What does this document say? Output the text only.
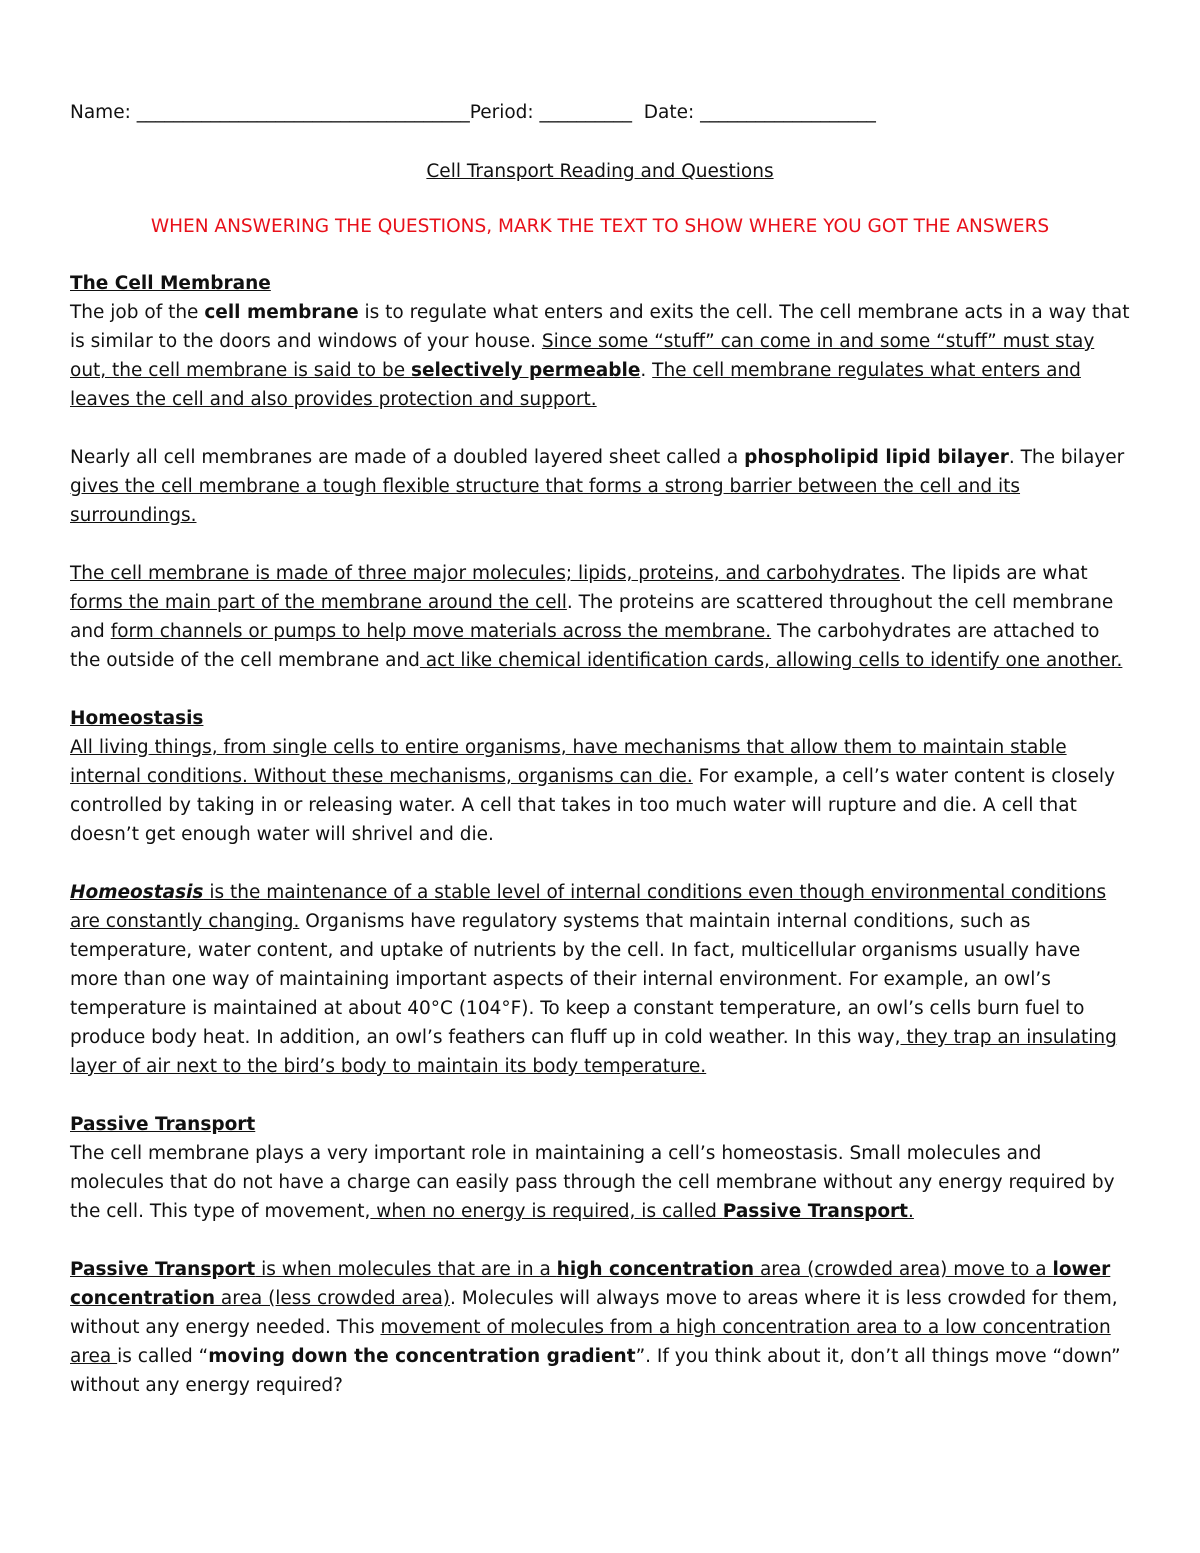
Name: ____________________________________Period: __________  Date: ___________________
Cell Transport Reading and Questions
WHEN ANSWERING THE QUESTIONS, MARK THE TEXT TO SHOW WHERE YOU GOT THE ANSWERS
The Cell Membrane

The job of the cell membrane is to regulate what enters and exits the cell. The cell membrane acts in a way that is similar to the doors and windows of your house. Since some “stuff” can come in and some “stuff” must stay out, the cell membrane is said to be selectively permeable. The cell membrane regulates what enters and leaves the cell and also provides protection and support.

Nearly all cell membranes are made of a doubled layered sheet called a phospholipid lipid bilayer. The bilayer gives the cell membrane a tough flexible structure that forms a strong barrier between the cell and its surroundings.

The cell membrane is made of three major molecules; lipids, proteins, and carbohydrates. The lipids are what forms the main part of the membrane around the cell. The proteins are scattered throughout the cell membrane and form channels or pumps to help move materials across the membrane. The carbohydrates are attached to the outside of the cell membrane and act like chemical identification cards, allowing cells to identify one another.

Homeostasis

All living things, from single cells to entire organisms, have mechanisms that allow them to maintain stable internal conditions. Without these mechanisms, organisms can die. For example, a cell’s water content is closely controlled by taking in or releasing water. A cell that takes in too much water will rupture and die. A cell that doesn’t get enough water will shrivel and die.

Homeostasis is the maintenance of a stable level of internal conditions even though environmental conditions are constantly changing. Organisms have regulatory systems that maintain internal conditions, such as temperature, water content, and uptake of nutrients by the cell. In fact, multicellular organisms usually have more than one way of maintaining important aspects of their internal environment. For example, an owl’s temperature is maintained at about 40°C (104°F). To keep a constant temperature, an owl’s cells burn fuel to produce body heat. In addition, an owl’s feathers can fluff up in cold weather. In this way, they trap an insulating layer of air next to the bird’s body to maintain its body temperature.

Passive Transport

The cell membrane plays a very important role in maintaining a cell’s homeostasis. Small molecules and molecules that do not have a charge can easily pass through the cell membrane without any energy required by the cell. This type of movement, when no energy is required, is called Passive Transport.

Passive Transport is when molecules that are in a high concentration area (crowded area) move to a lower concentration area (less crowded area). Molecules will always move to areas where it is less crowded for them, without any energy needed. This movement of molecules from a high concentration area to a low concentration area is called “moving down the concentration gradient”. If you think about it, don’t all things move “down” without any energy required?
